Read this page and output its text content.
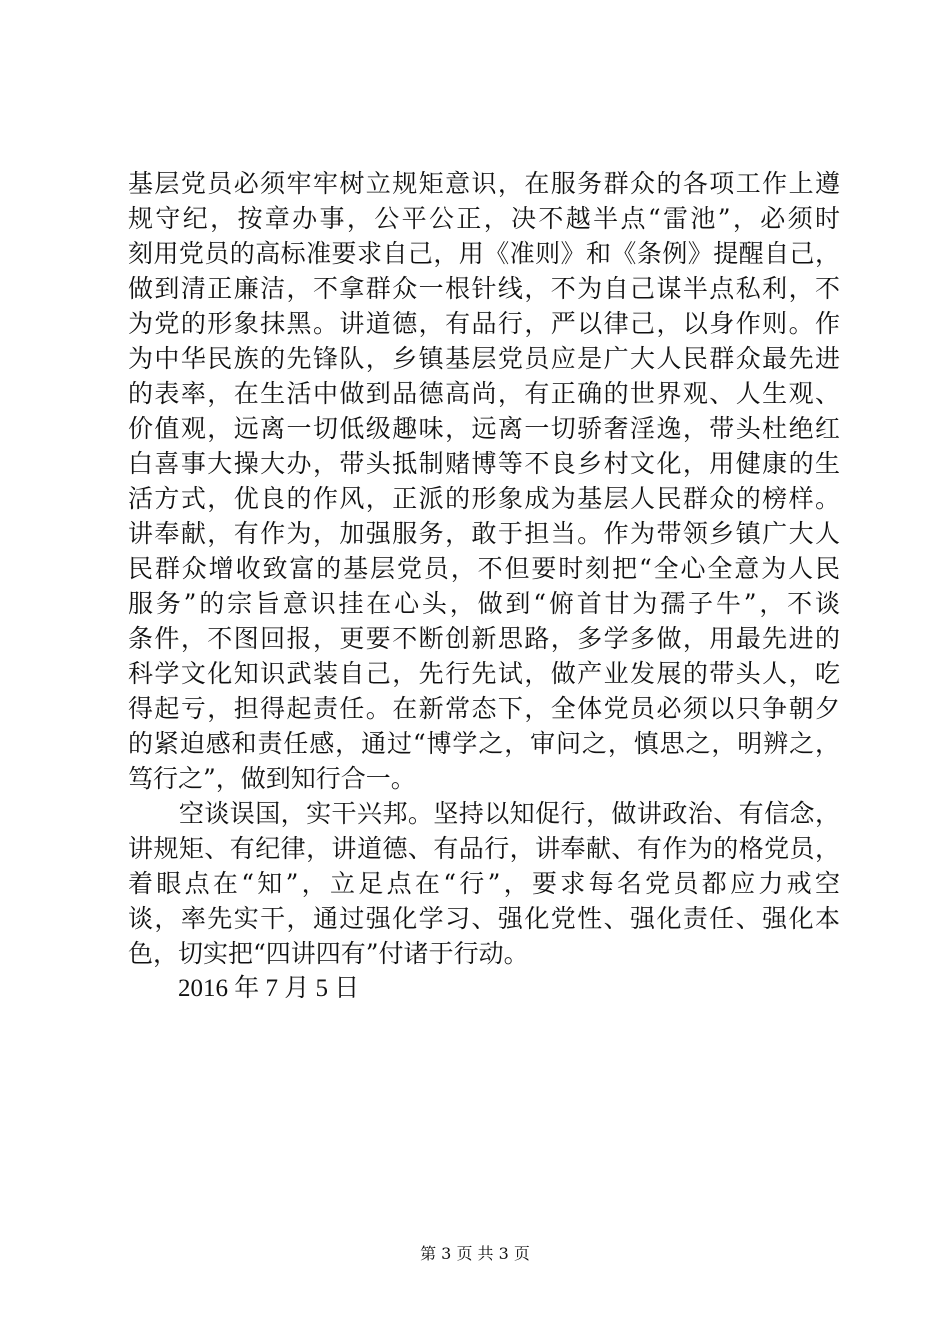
基层党员必须牢牢树立规矩意识，在服务群众的各项工作上遵
规守纪，按章办事，公平公正，决不越半点“雷池”，必须时
刻用党员的高标准要求自己，用《准则》和《条例》提醒自己，
做到清正廉洁，不拿群众一根针线，不为自己谋半点私利，不
为党的形象抹黑。讲道德，有品行，严以律己，以身作则。作
为中华民族的先锋队，乡镇基层党员应是广大人民群众最先进
的表率，在生活中做到品德高尚，有正确的世界观、人生观、
价值观，远离一切低级趣味，远离一切骄奢淫逸，带头杜绝红
白喜事大操大办，带头抵制赌博等不良乡村文化，用健康的生
活方式，优良的作风，正派的形象成为基层人民群众的榜样。
讲奉献，有作为，加强服务，敢于担当。作为带领乡镇广大人
民群众增收致富的基层党员，不但要时刻把“全心全意为人民
服务”的宗旨意识挂在心头，做到“俯首甘为孺子牛”，不谈
条件，不图回报，更要不断创新思路，多学多做，用最先进的
科学文化知识武装自己，先行先试，做产业发展的带头人，吃
得起亏，担得起责任。在新常态下，全体党员必须以只争朝夕
的紧迫感和责任感，通过“博学之，审问之，慎思之，明辨之，
笃行之”，做到知行合一。
　　空谈误国，实干兴邦。坚持以知促行，做讲政治、有信念，
讲规矩、有纪律，讲道德、有品行，讲奉献、有作为的格党员，
着眼点在“知”，立足点在“行”，要求每名党员都应力戒空
谈，率先实干，通过强化学习、强化党性、强化责任、强化本
色，切实把“四讲四有”付诸于行动。
2016 年 7 月 5 日
第 3 页 共 3 页
